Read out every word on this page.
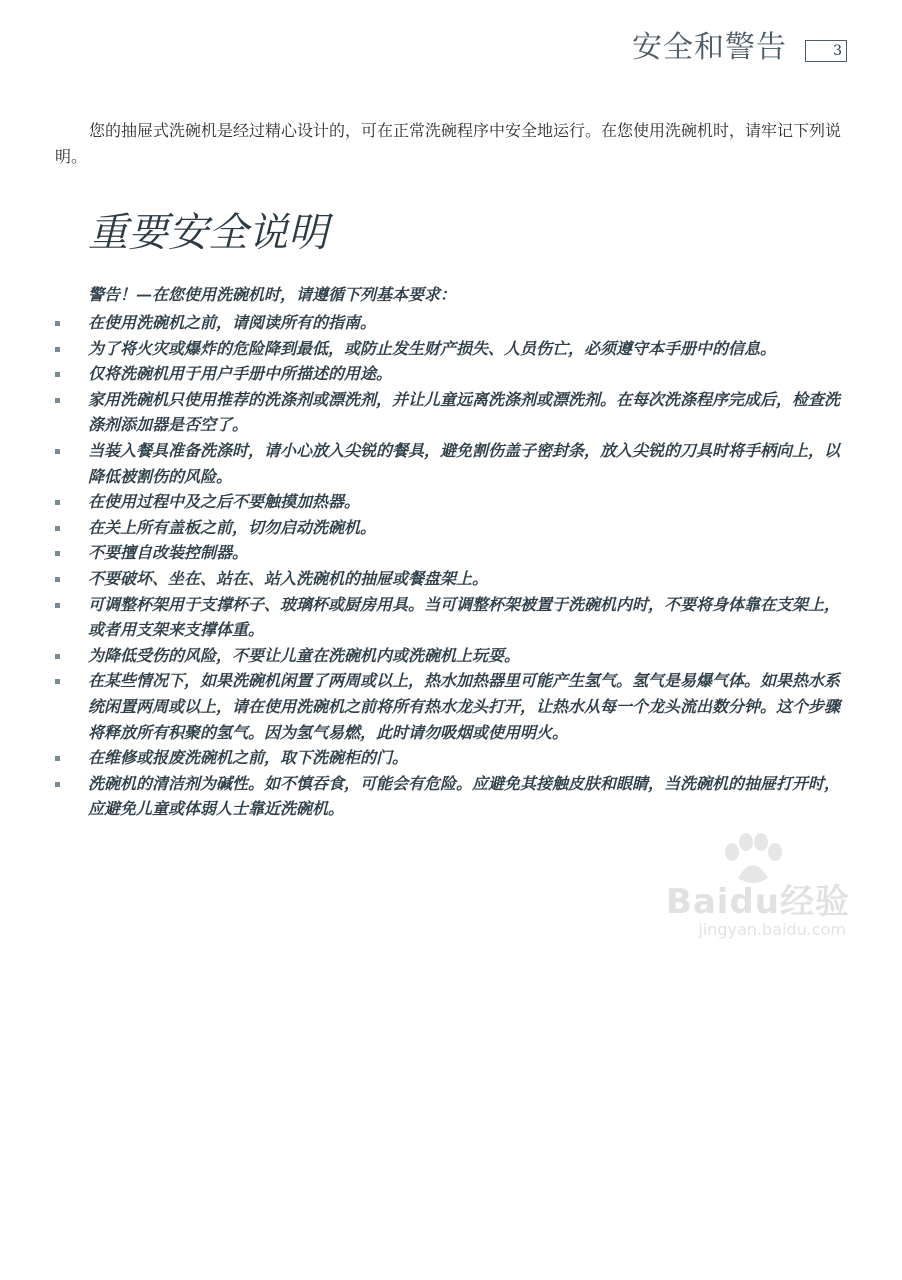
安全和警告	3

您的抽屉式洗碗机是经过精心设计的，可在正常洗碗程序中安全地运行。在您使用洗碗机时，请牢记下列说明。

重要安全说明
警告！—在您使用洗碗机时，请遵循下列基本要求：
在使用洗碗机之前，请阅读所有的指南。
为了将火灾或爆炸的危险降到最低，或防止发生财产损失、人员伤亡，必须遵守本手册中的信息。
仅将洗碗机用于用户手册中所描述的用途。
家用洗碗机只使用推荐的洗涤剂或漂洗剂，并让儿童远离洗涤剂或漂洗剂。在每次洗涤程序完成后，检查洗涤剂添加器是否空了。
当装入餐具准备洗涤时，请小心放入尖锐的餐具，避免割伤盖子密封条，放入尖锐的刀具时将手柄向上，以降低被割伤的风险。
在使用过程中及之后不要触摸加热器。
在关上所有盖板之前，切勿启动洗碗机。
不要擅自改装控制器。
不要破坏、坐在、站在、站入洗碗机的抽屉或餐盘架上。
可调整杯架用于支撑杯子、玻璃杯或厨房用具。当可调整杯架被置于洗碗机内时，不要将身体靠在支架上，或者用支架来支撑体重。
为降低受伤的风险，不要让儿童在洗碗机内或洗碗机上玩耍。
在某些情况下，如果洗碗机闲置了两周或以上，热水加热器里可能产生氢气。氢气是易爆气体。如果热水系统闲置两周或以上，请在使用洗碗机之前将所有热水龙头打开，让热水从每一个龙头流出数分钟。这个步骤将释放所有积聚的氢气。因为氢气易燃，此时请勿吸烟或使用明火。
在维修或报废洗碗机之前，取下洗碗柜的门。
洗碗机的清洁剂为碱性。如不慎吞食，可能会有危险。应避免其接触皮肤和眼睛，当洗碗机的抽屉打开时，应避免儿童或体弱人士靠近洗碗机。
Baidu经验
jingyan.baidu.com
